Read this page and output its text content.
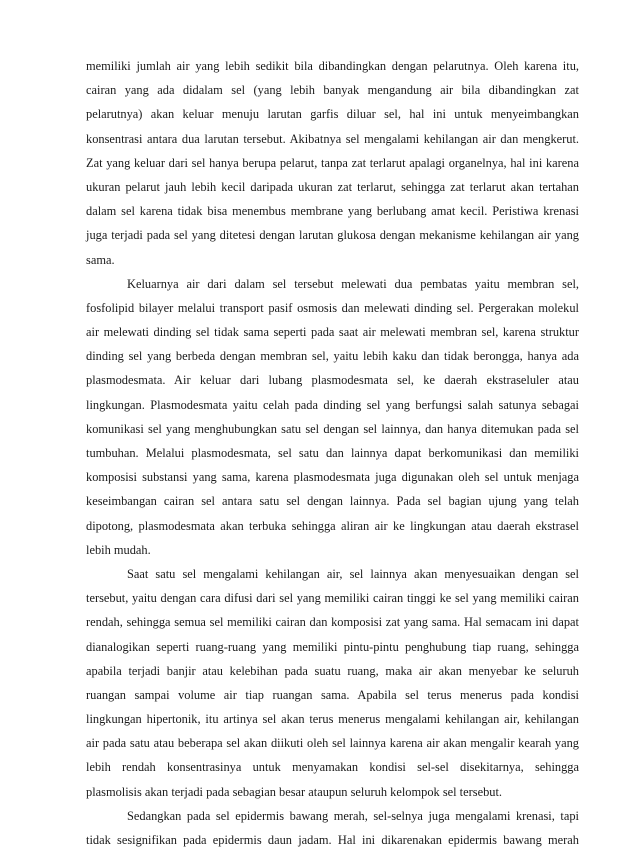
memiliki jumlah air yang lebih sedikit bila dibandingkan dengan pelarutnya. Oleh karena itu,
cairan yang ada didalam sel (yang lebih banyak mengandung air bila dibandingkan zat
pelarutnya) akan keluar menuju larutan garfis diluar sel, hal ini untuk menyeimbangkan
konsentrasi antara dua larutan tersebut. Akibatnya sel mengalami kehilangan air dan mengkerut.
Zat yang keluar dari sel hanya berupa pelarut, tanpa zat terlarut apalagi organelnya, hal ini karena
ukuran pelarut jauh lebih kecil daripada ukuran zat terlarut, sehingga zat terlarut akan tertahan
dalam sel karena tidak bisa menembus membrane yang berlubang amat kecil. Peristiwa krenasi
juga terjadi pada sel yang ditetesi dengan larutan glukosa dengan mekanisme kehilangan air yang
sama.
Keluarnya air dari dalam sel tersebut melewati dua pembatas yaitu membran sel,
fosfolipid bilayer melalui transport pasif osmosis dan melewati dinding sel. Pergerakan molekul
air melewati dinding sel tidak sama seperti pada saat air melewati membran sel, karena struktur
dinding sel yang berbeda dengan membran sel, yaitu lebih kaku dan tidak berongga, hanya ada
plasmodesmata. Air keluar dari lubang plasmodesmata sel, ke daerah ekstraseluler atau
lingkungan. Plasmodesmata yaitu celah pada dinding sel yang berfungsi salah satunya sebagai
komunikasi sel yang menghubungkan satu sel dengan sel lainnya, dan hanya ditemukan pada sel
tumbuhan. Melalui plasmodesmata, sel satu dan lainnya dapat berkomunikasi dan memiliki
komposisi substansi yang sama, karena plasmodesmata juga digunakan oleh sel untuk menjaga
keseimbangan cairan sel antara satu sel dengan lainnya. Pada sel bagian ujung yang telah
dipotong, plasmodesmata akan terbuka sehingga aliran air ke lingkungan atau daerah ekstrasel
lebih mudah.
Saat satu sel mengalami kehilangan air, sel lainnya akan menyesuaikan dengan sel
tersebut, yaitu dengan cara difusi dari sel yang memiliki cairan tinggi ke sel yang memiliki cairan
rendah, sehingga semua sel memiliki cairan dan komposisi zat yang sama. Hal semacam ini dapat
dianalogikan seperti ruang-ruang yang memiliki pintu-pintu penghubung tiap ruang, sehingga
apabila terjadi banjir atau kelebihan pada suatu ruang, maka air akan menyebar ke seluruh
ruangan sampai volume air tiap ruangan sama. Apabila sel terus menerus pada kondisi
lingkungan hipertonik, itu artinya sel akan terus menerus mengalami kehilangan air, kehilangan
air pada satu atau beberapa sel akan diikuti oleh sel lainnya karena air akan mengalir kearah yang
lebih rendah konsentrasinya untuk menyamakan kondisi sel-sel disekitarnya, sehingga
plasmolisis akan terjadi pada sebagian besar ataupun seluruh kelompok sel tersebut.
Sedangkan pada sel epidermis bawang merah, sel-selnya juga mengalami krenasi, tapi
tidak sesignifikan pada epidermis daun jadam. Hal ini dikarenakan epidermis bawang merah
